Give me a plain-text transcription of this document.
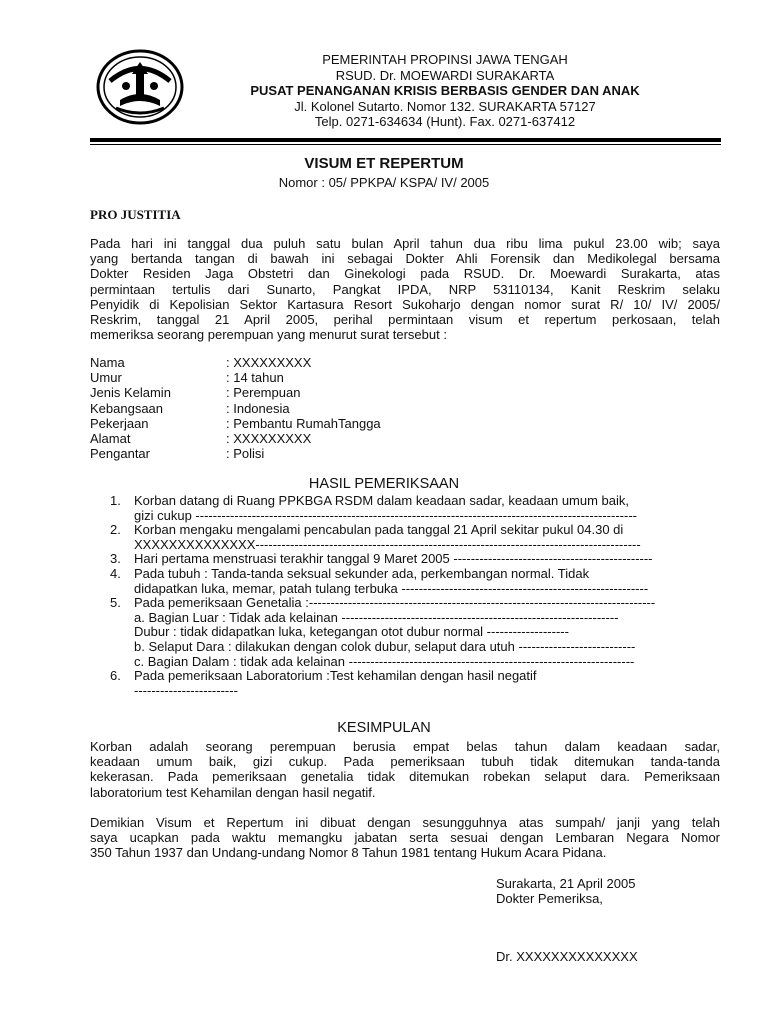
PEMERINTAH PROPINSI JAWA TENGAH
RSUD. Dr. MOEWARDI SURAKARTA
PUSAT PENANGANAN KRISIS BERBASIS GENDER DAN ANAK
Jl. Kolonel Sutarto. Nomor 132. SURAKARTA 57127
Telp. 0271-634634 (Hunt). Fax. 0271-637412
VISUM ET REPERTUM
Nomor : 05/ PPKPA/ KSPA/ IV/ 2005
PRO JUSTITIA
Pada hari ini tanggal dua puluh satu bulan April tahun dua ribu lima pukul 23.00 wib; saya
yang bertanda tangan di bawah ini sebagai Dokter Ahli Forensik dan Medikolegal bersama
Dokter Residen Jaga Obstetri dan Ginekologi pada RSUD. Dr. Moewardi Surakarta, atas
permintaan tertulis dari Sunarto, Pangkat IPDA, NRP 53110134, Kanit Reskrim selaku
Penyidik di Kepolisian Sektor Kartasura Resort Sukoharjo dengan nomor surat R/ 10/ IV/ 2005/
Reskrim, tanggal 21 April 2005, perihal permintaan visum et repertum perkosaan, telah
memeriksa seorang perempuan yang menurut surat tersebut :
Nama	: XXXXXXXXX
Umur	: 14 tahun
Jenis Kelamin	: Perempuan
Kebangsaan	: Indonesia
Pekerjaan	: Pembantu RumahTangga
Alamat	: XXXXXXXXX
Pengantar	: Polisi
HASIL PEMERIKSAAN
1.	Korban datang di Ruang PPKBGA RSDM dalam keadaan sadar, keadaan umum baik,
gizi cukup ------------------------------------------------------------------------------------------------------
2.	Korban mengaku mengalami pencabulan pada tanggal 21 April sekitar pukul 04.30 di
XXXXXXXXXXXXXX-----------------------------------------------------------------------------------------
3.	Hari pertama menstruasi terakhir tanggal 9 Maret 2005 ----------------------------------------------
4.	Pada tubuh : Tanda-tanda seksual sekunder ada, perkembangan normal. Tidak
didapatkan luka, memar, patah tulang terbuka ---------------------------------------------------------
5.	Pada pemeriksaan Genetalia :--------------------------------------------------------------------------------
a. Bagian Luar : Tidak ada kelainan ----------------------------------------------------------------
Dubur : tidak didapatkan luka, ketegangan otot dubur normal -------------------
b. Selaput Dara : dilakukan dengan colok dubur, selaput dara utuh ---------------------------
c. Bagian Dalam : tidak ada kelainan ------------------------------------------------------------------
6.	Pada pemeriksaan Laboratorium :Test kehamilan dengan hasil negatif
------------------------
KESIMPULAN
Korban adalah seorang perempuan berusia empat belas tahun dalam keadaan sadar,
keadaan umum baik, gizi cukup. Pada pemeriksaan tubuh tidak ditemukan tanda-tanda
kekerasan. Pada pemeriksaan genetalia tidak ditemukan robekan selaput dara. Pemeriksaan
laboratorium test Kehamilan dengan hasil negatif.
Demikian Visum et Repertum ini dibuat dengan sesungguhnya atas sumpah/ janji yang telah
saya ucapkan pada waktu memangku jabatan serta sesuai dengan Lembaran Negara Nomor
350 Tahun 1937 dan Undang-undang Nomor 8 Tahun 1981 tentang Hukum Acara Pidana.
Surakarta, 21 April 2005
Dokter Pemeriksa,
Dr. XXXXXXXXXXXXXX
